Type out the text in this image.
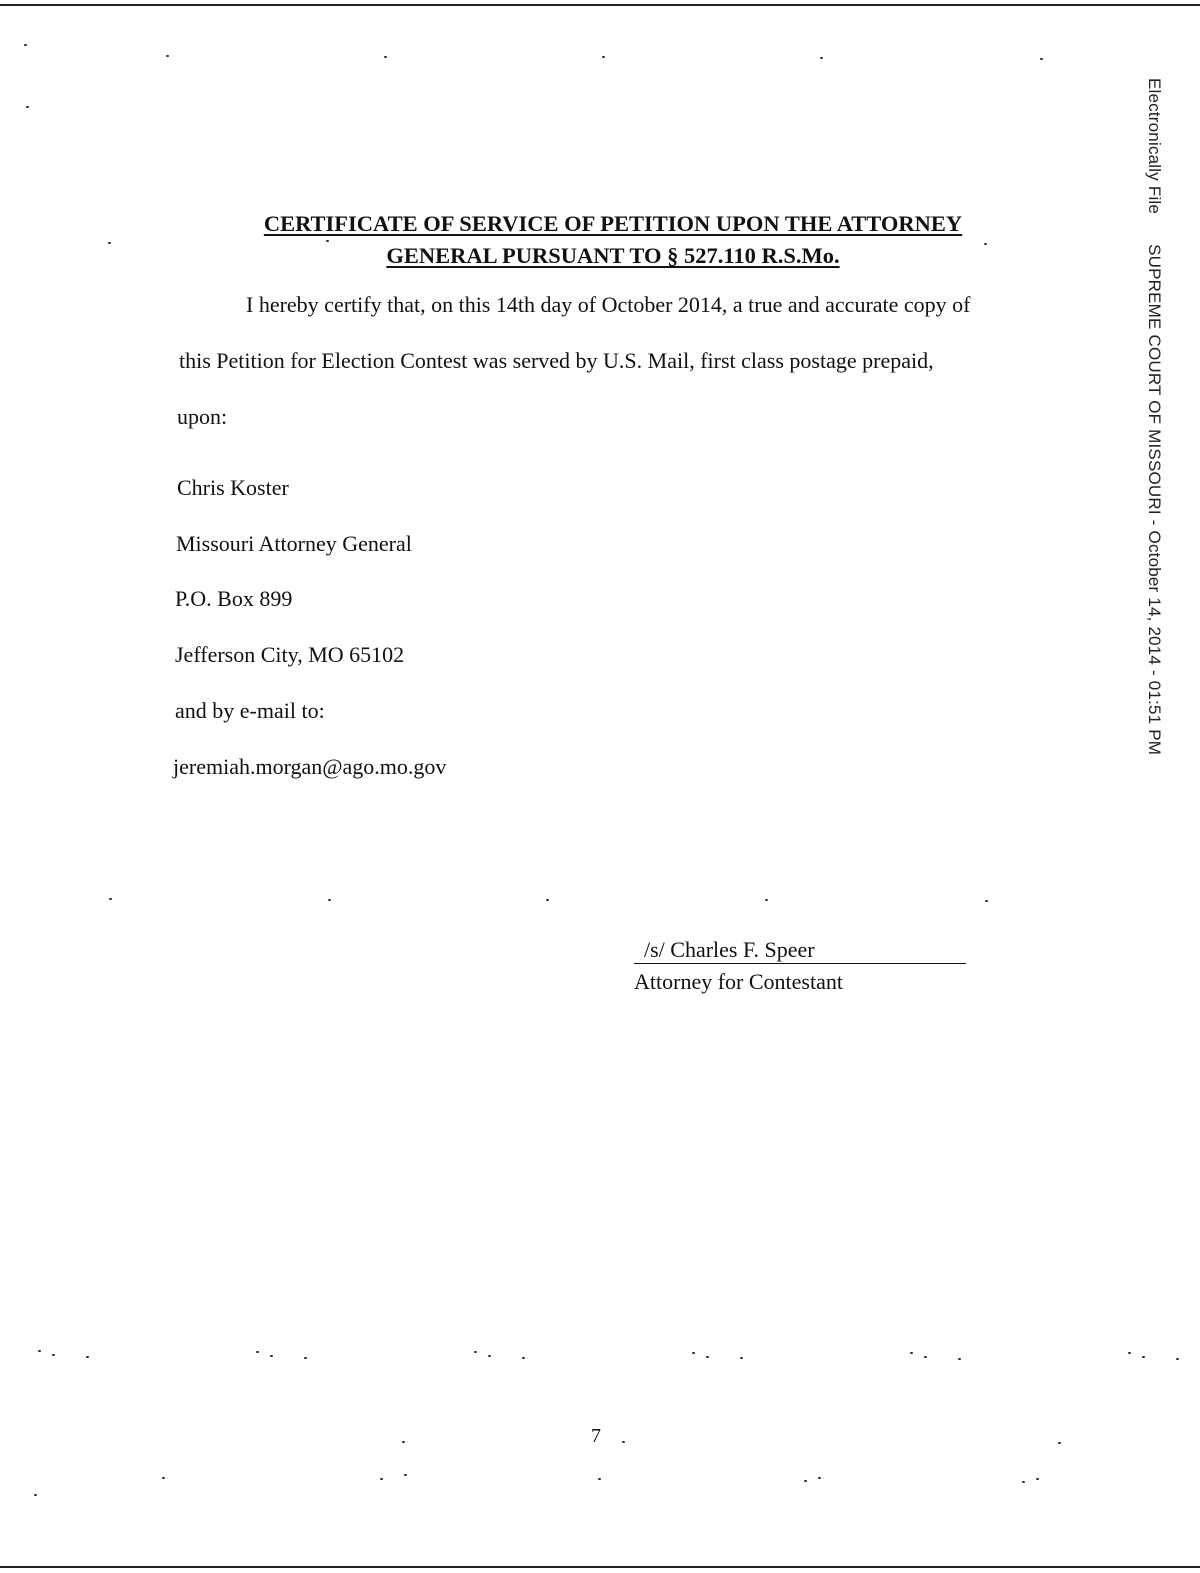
CERTIFICATE OF SERVICE OF PETITION UPON THE ATTORNEY
GENERAL PURSUANT TO § 527.110 R.S.Mo.
I hereby certify that, on this 14th day of October 2014, a true and accurate copy of
this Petition for Election Contest was served by U.S. Mail, first class postage prepaid,
upon:
Chris Koster
Missouri Attorney General
P.O. Box 899
Jefferson City, MO 65102
and by e-mail to:
jeremiah.morgan@ago.mo.gov
/s/ Charles F. Speer
Attorney for Contestant
Electronically FileSUPREME COURT OF MISSOURI - October 14, 2014 - 01:51 PM
7
